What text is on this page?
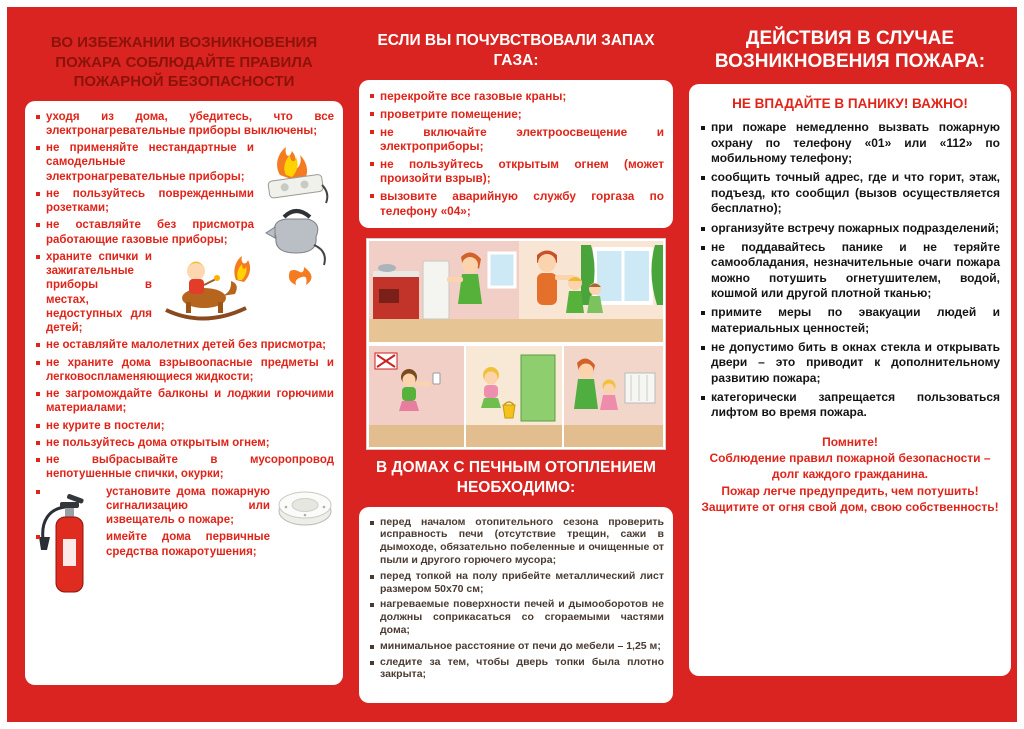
ВО ИЗБЕЖАНИИ ВОЗНИКНОВЕНИЯ ПОЖАРА СОБЛЮДАЙТЕ ПРАВИЛА ПОЖАРНОЙ БЕЗОПАСНОСТИ
уходя из дома, убедитесь, что все электронагревательные приборы выключены;
не применяйте нестандартные и самодельные электронагревательные приборы;
не пользуйтесь поврежденными розетками;
не оставляйте без присмотра работающие газовые приборы;
храните спички и зажигательные приборы в местах, недоступных для детей;
не оставляйте малолетних детей без присмотра;
не храните дома взрывоопасные предметы и легковоспламеняющиеся жидкости;
не загромождайте балконы и лоджии горючими материалами;
не курите в постели;
не пользуйтесь дома открытым огнем;
не выбрасывайте в мусоропровод непотушенные спички, окурки;
установите дома пожарную сигнализацию или извещатель о пожаре;
имейте дома первичные средства пожаротушения;
ЕСЛИ ВЫ ПОЧУВСТВОВАЛИ ЗАПАХ ГАЗА:
перекройте все газовые краны;
проветрите помещение;
не включайте электроосвещение и электроприборы;
не пользуйтесь открытым огнем (может произойти взрыв);
вызовите аварийную службу горгаза по телефону «04»;
В ДОМАХ С ПЕЧНЫМ ОТОПЛЕНИЕМ НЕОБХОДИМО:
перед началом отопительного сезона проверить исправность печи (отсутствие трещин, сажи в дымоходе, обязательно побеленные и очищенные от пыли и другого горючего мусора;
перед топкой на полу прибейте металлический лист размером 50х70 см;
нагреваемые поверхности печей и дымооборотов не должны соприкасаться со сгораемыми частями дома;
минимальное расстояние от печи до мебели – 1,25 м;
следите за тем, чтобы дверь топки была плотно закрыта;
ДЕЙСТВИЯ В СЛУЧАЕ ВОЗНИКНОВЕНИЯ ПОЖАРА:
НЕ ВПАДАЙТЕ В ПАНИКУ! ВАЖНО!
при пожаре немедленно вызвать пожарную охрану по телефону «01» или «112» по мобильному телефону;
сообщить точный адрес, где и что горит, этаж, подъезд, кто сообщил (вызов осуществляется бесплатно);
организуйте встречу пожарных подразделений;
не поддавайтесь панике и не теряйте самообладания, незначительные очаги пожара можно потушить огнетушителем, водой, кошмой или другой плотной тканью;
примите меры по эвакуации людей и материальных ценностей;
не допустимо бить в окнах стекла и открывать двери – это приводит к дополнительному развитию пожара;
категорически запрещается пользоваться лифтом во время пожара.
Помните!
Соблюдение правил пожарной безопасности – долг каждого гражданина.
Пожар легче предупредить, чем потушить!
Защитите от огня свой дом, свою собственность!
